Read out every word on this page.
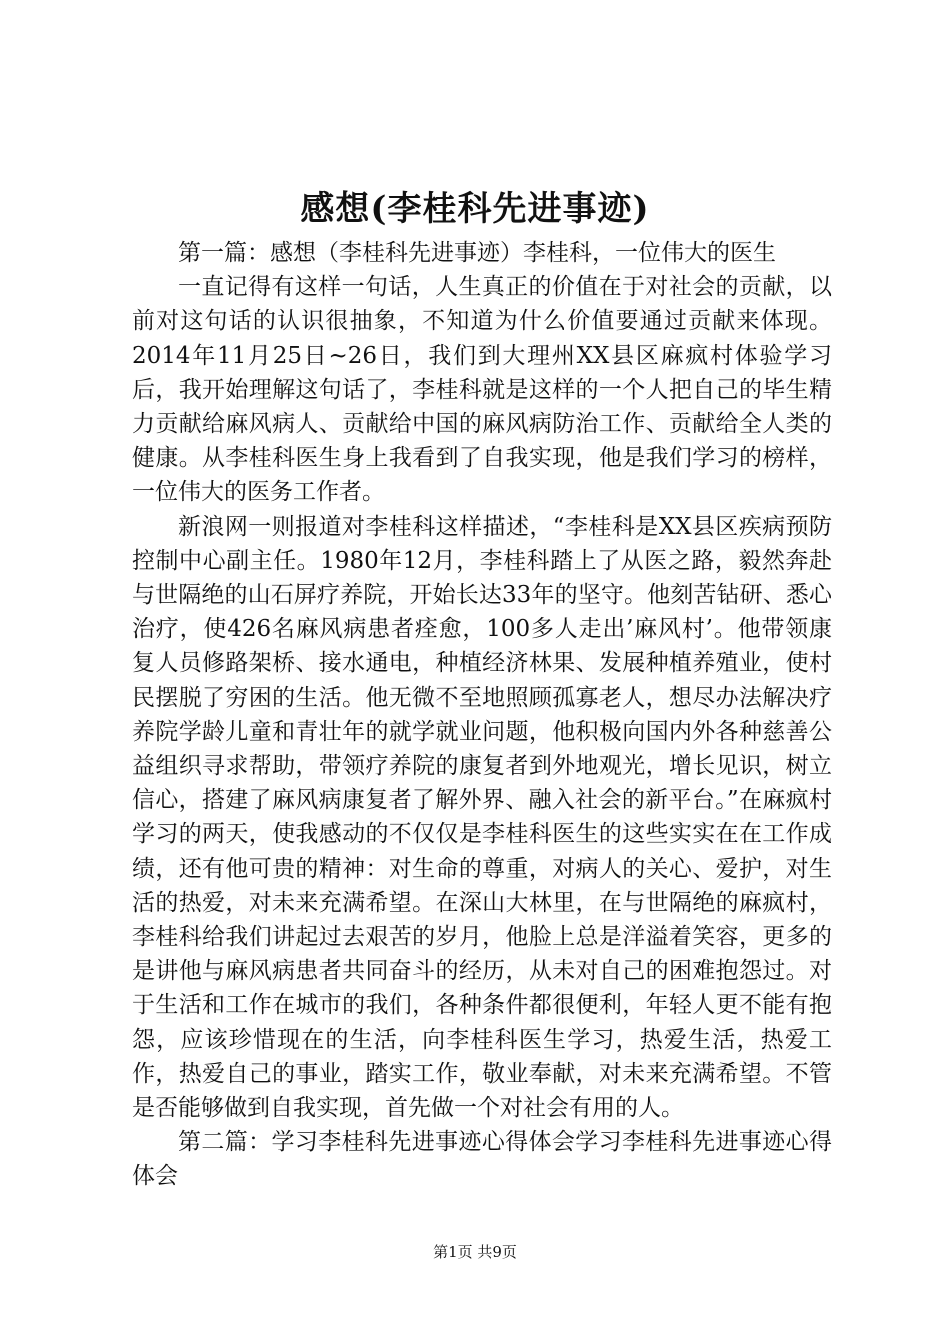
感想(李桂科先进事迹)

第一篇：感想（李桂科先进事迹）李桂科，一位伟大的医生

一直记得有这样一句话，人生真正的价值在于对社会的贡献，以前对这句话的认识很抽象，不知道为什么价值要通过贡献来体现。2014年11月25日~26日，我们到大理州XX县区麻疯村体验学习后，我开始理解这句话了，李桂科就是这样的一个人把自己的毕生精力贡献给麻风病人、贡献给中国的麻风病防治工作、贡献给全人类的健康。从李桂科医生身上我看到了自我实现，他是我们学习的榜样，一位伟大的医务工作者。

新浪网一则报道对李桂科这样描述，“李桂科是XX县区疾病预防控制中心副主任。1980年12月，李桂科踏上了从医之路，毅然奔赴与世隔绝的山石屏疗养院，开始长达33年的坚守。他刻苦钻研、悉心治疗，使426名麻风病患者痊愈，100多人走出’麻风村’。他带领康复人员修路架桥、接水通电，种植经济林果、发展种植养殖业，使村民摆脱了穷困的生活。他无微不至地照顾孤寡老人，想尽办法解决疗养院学龄儿童和青壮年的就学就业问题，他积极向国内外各种慈善公益组织寻求帮助，带领疗养院的康复者到外地观光，增长见识，树立信心，搭建了麻风病康复者了解外界、融入社会的新平台。”在麻疯村学习的两天，使我感动的不仅仅是李桂科医生的这些实实在在工作成绩，还有他可贵的精神：对生命的尊重，对病人的关心、爱护，对生活的热爱，对未来充满希望。在深山大林里，在与世隔绝的麻疯村，李桂科给我们讲起过去艰苦的岁月，他脸上总是洋溢着笑容，更多的是讲他与麻风病患者共同奋斗的经历，从未对自己的困难抱怨过。对于生活和工作在城市的我们，各种条件都很便利，年轻人更不能有抱怨，应该珍惜现在的生活，向李桂科医生学习，热爱生活，热爱工作，热爱自己的事业，踏实工作，敬业奉献，对未来充满希望。不管是否能够做到自我实现，首先做一个对社会有用的人。

第二篇：学习李桂科先进事迹心得体会学习李桂科先进事迹心得体会

第1页 共9页
